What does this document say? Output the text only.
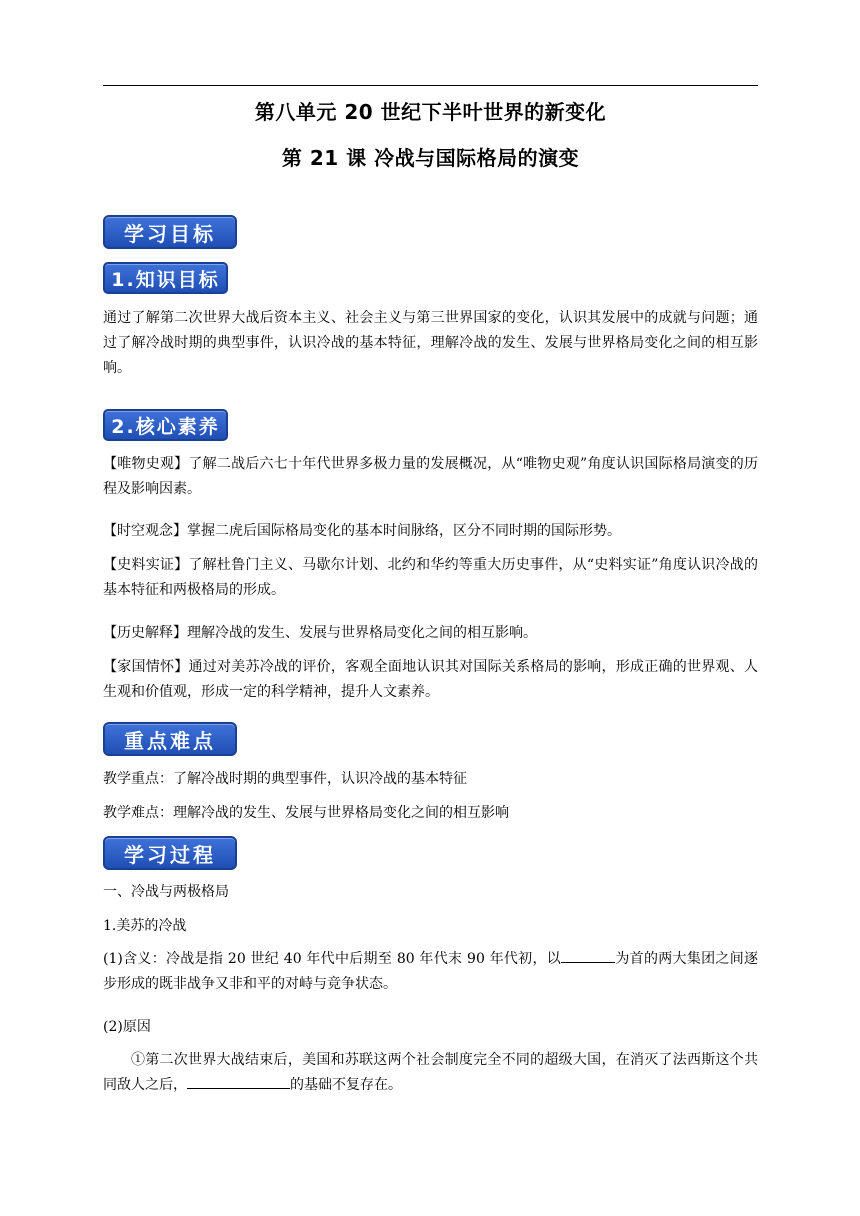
第八单元 20 世纪下半叶世界的新变化
第 21 课 冷战与国际格局的演变
学习目标
1.知识目标
通过了解第二次世界大战后资本主义、社会主义与第三世界国家的变化，认识其发展中的成就与问题；通过了解冷战时期的典型事件，认识冷战的基本特征，理解冷战的发生、发展与世界格局变化之间的相互影响。
2.核心素养
【唯物史观】了解二战后六七十年代世界多极力量的发展概况，从“唯物史观”角度认识国际格局演变的历程及影响因素。
【时空观念】掌握二虎后国际格局变化的基本时间脉络，区分不同时期的国际形势。
【史料实证】了解杜鲁门主义、马歇尔计划、北约和华约等重大历史事件，从“史料实证”角度认识冷战的基本特征和两极格局的形成。
【历史解释】理解冷战的发生、发展与世界格局变化之间的相互影响。
【家国情怀】通过对美苏冷战的评价，客观全面地认识其对国际关系格局的影响，形成正确的世界观、人生观和价值观，形成一定的科学精神，提升人文素养。
重点难点
教学重点：了解冷战时期的典型事件，认识冷战的基本特征
教学难点：理解冷战的发生、发展与世界格局变化之间的相互影响
学习过程
一、冷战与两极格局
1.美苏的冷战
(1)含义：冷战是指 20 世纪 40 年代中后期至 80 年代末 90 年代初，以	为首的两大集团之间逐步形成的既非战争又非和平的对峙与竞争状态。
(2)原因
①第二次世界大战结束后，美国和苏联这两个社会制度完全不同的超级大国，在消灭了法西斯这个共同敌人之后，	的基础不复存在。
